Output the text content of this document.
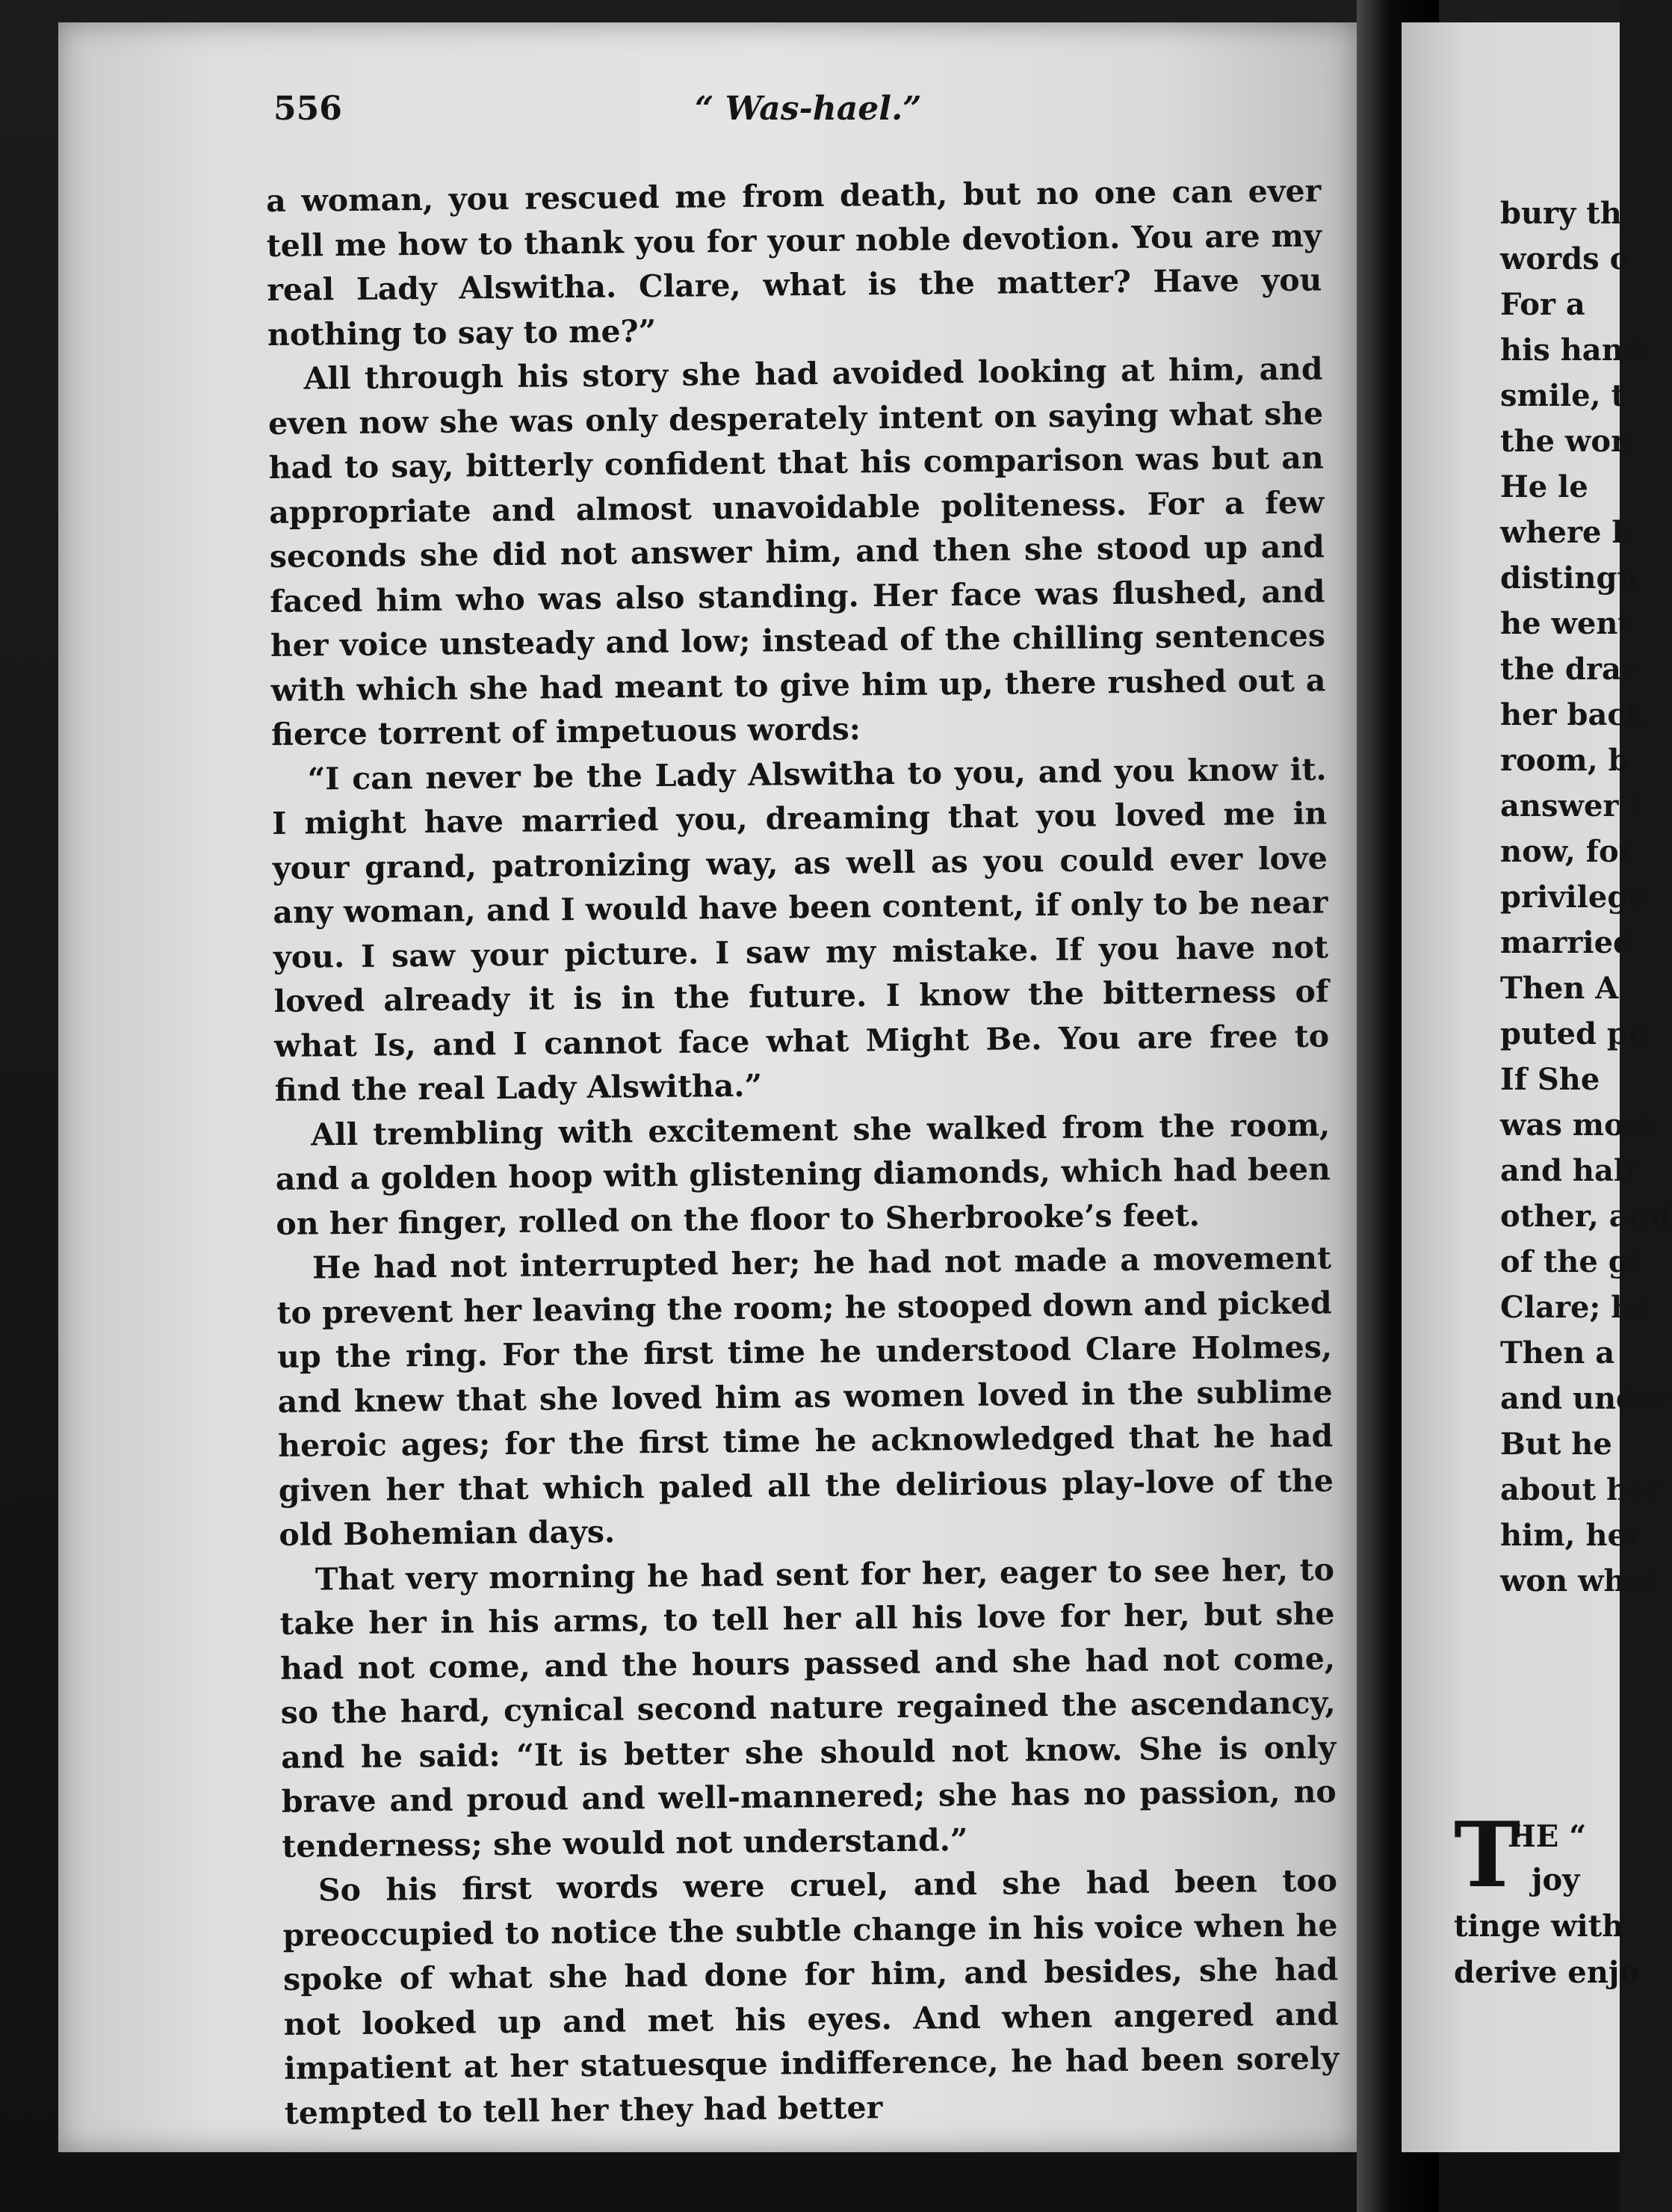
556	“ Was-hael.”

a woman, you rescued me from death, but no one can ever tell me how to thank you for your noble devotion. You are my real Lady Alswitha. Clare, what is the matter? Have you nothing to say to me?”

All through his story she had avoided looking at him, and even now she was only desperately intent on saying what she had to say, bitterly confident that his comparison was but an appropriate and almost unavoidable politeness. For a few seconds she did not answer him, and then she stood up and faced him who was also standing. Her face was flushed, and her voice unsteady and low; instead of the chilling sentences with which she had meant to give him up, there rushed out a fierce torrent of impetuous words:

“I can never be the Lady Alswitha to you, and you know it. I might have married you, dreaming that you loved me in your grand, patronizing way, as well as you could ever love any woman, and I would have been content, if only to be near you. I saw your picture. I saw my mistake. If you have not loved already it is in the future. I know the bitterness of what Is, and I cannot face what Might Be. You are free to find the real Lady Alswitha.”

All trembling with excitement she walked from the room, and a golden hoop with glistening diamonds, which had been on her finger, rolled on the floor to Sherbrooke’s feet.

He had not interrupted her; he had not made a movement to prevent her leaving the room; he stooped down and picked up the ring. For the first time he understood Clare Holmes, and knew that she loved him as women loved in the sublime heroic ages; for the first time he acknowledged that he had given her that which paled all the delirious play-love of the old Bohemian days.

That very morning he had sent for her, eager to see her, to take her in his arms, to tell her all his love for her, but she had not come, and the hours passed and she had not come, so the hard, cynical second nature regained the ascendancy, and he said: “It is better she should not know. She is only brave and proud and well-mannered; she has no passion, no tenderness; she would not understand.”

So his first words were cruel, and she had been too preoccupied to notice the subtle change in his voice when he spoke of what she had done for him, and besides, she had not looked up and met his eyes. And when angered and impatient at her statuesque indifference, he had been sorely tempted to tell her they had better

bury th
words o
For a
his hand
smile, t
the won
He le
where h
distingu
he went
the drav
her back
room, b
answer t
now, for
privilege
married
Then A
puted po
If She
was most
and half
other, and
of the gl
Clare; he
Then a
and under
But he
about her
him, her
won what
T
HE “
joy
tinge with
derive enjo
